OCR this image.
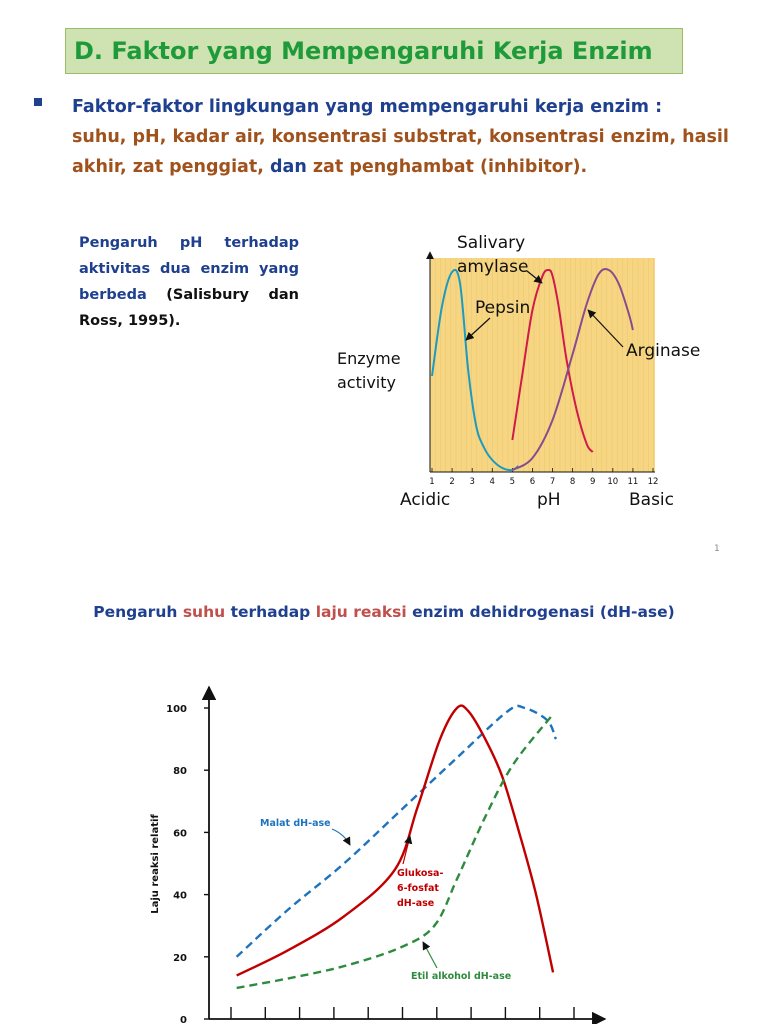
D. Faktor yang Mempengaruhi Kerja Enzim
Faktor-faktor lingkungan yang mempengaruhi kerja enzim :
suhu, pH, kadar air, konsentrasi substrat, konsentrasi enzim, hasil akhir, zat penggiat, dan zat penghambat (inhibitor).
Pengaruh pH terhadap aktivitas dua enzim yang berbeda (Salisbury dan Ross, 1995).
1
Pengaruh suhu terhadap laju reaksi enzim dehidrogenasi (dH-ase)
1 2 3 4 5 6 7 8 9 10 11 12
Enzyme
activity
Acidic	pH	Basic
Salivary
amylase
Pepsin
Arginase
0
20
40
60
80
100
Laju reaksi relatif	Malat dH-ase
Glukosa-
6-fosfat
dH-ase
Etil alkohol dH-ase
